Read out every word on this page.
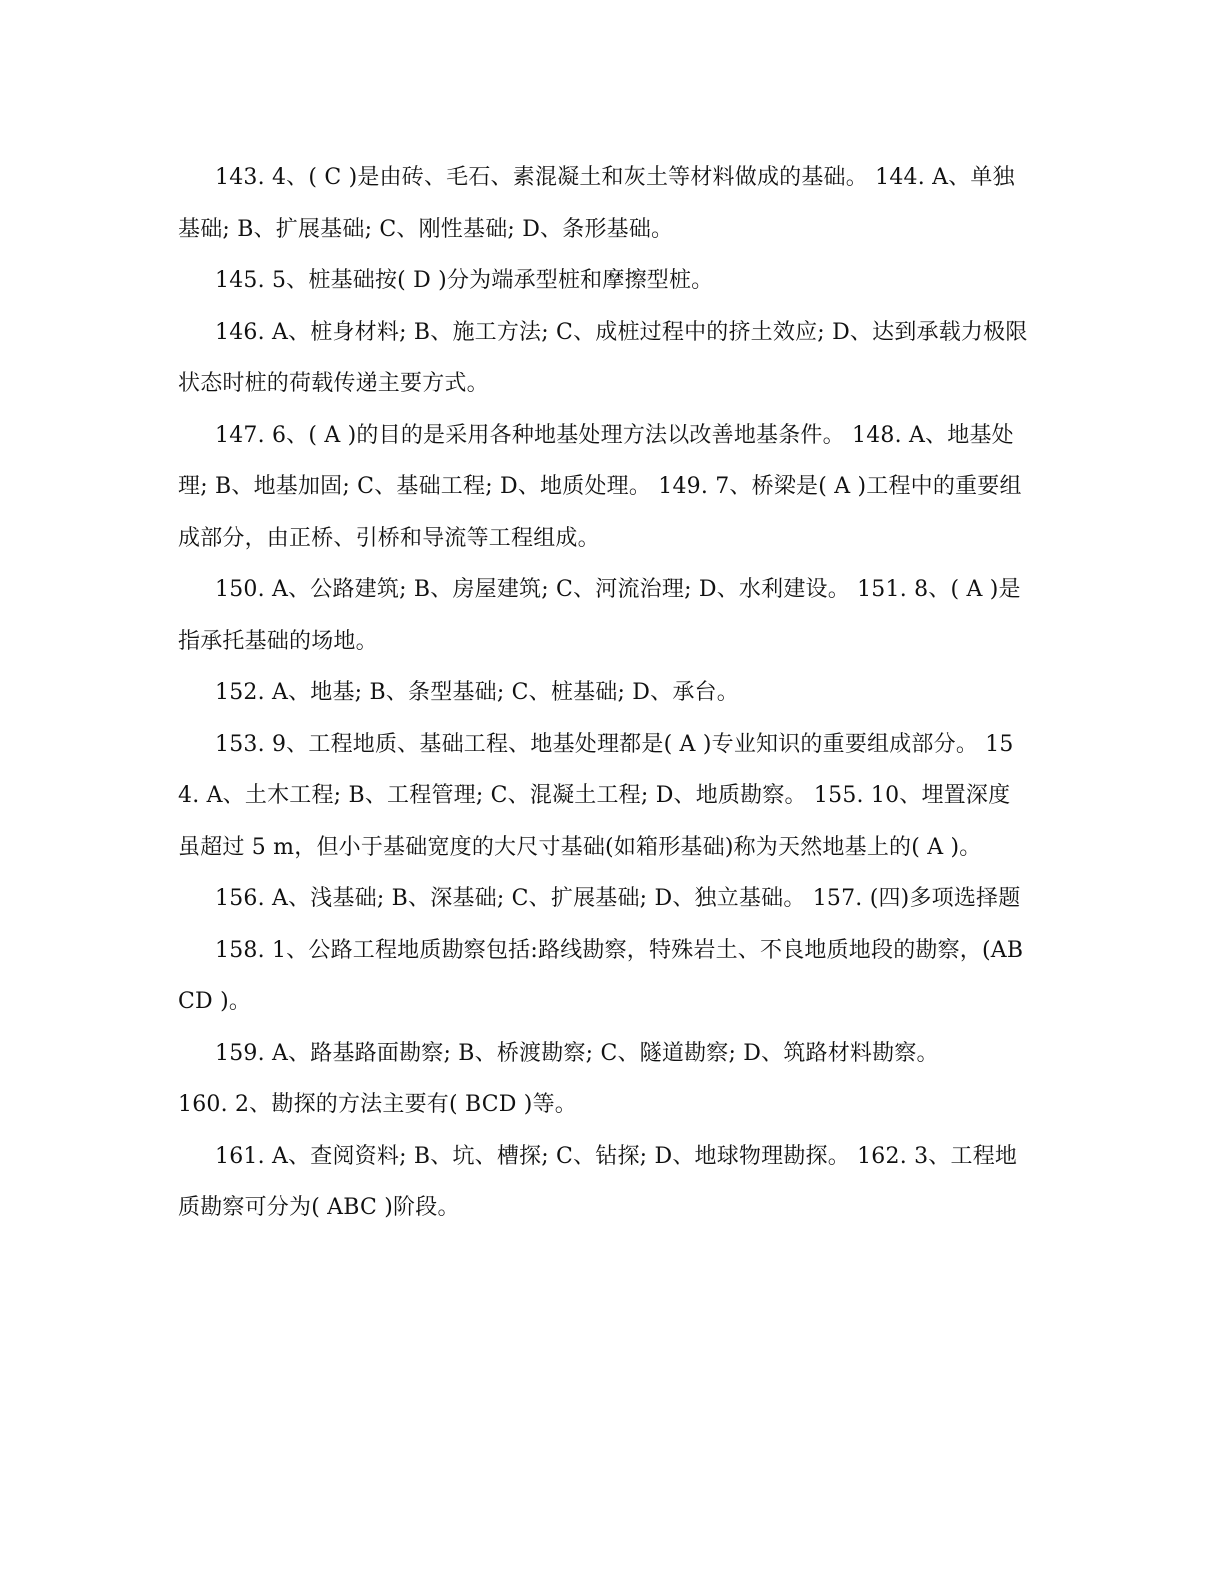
143. 4、( C )是由砖、毛石、素混凝土和灰土等材料做成的基础。 144. A、单独基础; B、扩展基础; C、刚性基础; D、条形基础。

145. 5、桩基础按( D )分为端承型桩和摩擦型桩。

146. A、桩身材料; B、施工方法; C、成桩过程中的挤土效应; D、达到承载力极限状态时桩的荷载传递主要方式。

147. 6、( A )的目的是采用各种地基处理方法以改善地基条件。 148. A、地基处理; B、地基加固; C、基础工程; D、地质处理。 149. 7、桥梁是( A )工程中的重要组成部分，由正桥、引桥和导流等工程组成。

150. A、公路建筑; B、房屋建筑; C、河流治理; D、水利建设。 151. 8、( A )是指承托基础的场地。

152. A、地基; B、条型基础; C、桩基础; D、承台。

153. 9、工程地质、基础工程、地基处理都是( A )专业知识的重要组成部分。 154. A、土木工程; B、工程管理; C、混凝土工程; D、地质勘察。 155. 10、埋置深度虽超过 5 m，但小于基础宽度的大尺寸基础(如箱形基础)称为天然地基上的( A )。

156. A、浅基础; B、深基础; C、扩展基础; D、独立基础。 157. (四)多项选择题

158. 1、公路工程地质勘察包括:路线勘察，特殊岩土、不良地质地段的勘察，(ABCD )。

159. A、路基路面勘察; B、桥渡勘察; C、隧道勘察; D、筑路材料勘察。

160. 2、勘探的方法主要有( BCD )等。

161. A、查阅资料; B、坑、槽探; C、钻探; D、地球物理勘探。 162. 3、工程地质勘察可分为( ABC )阶段。
